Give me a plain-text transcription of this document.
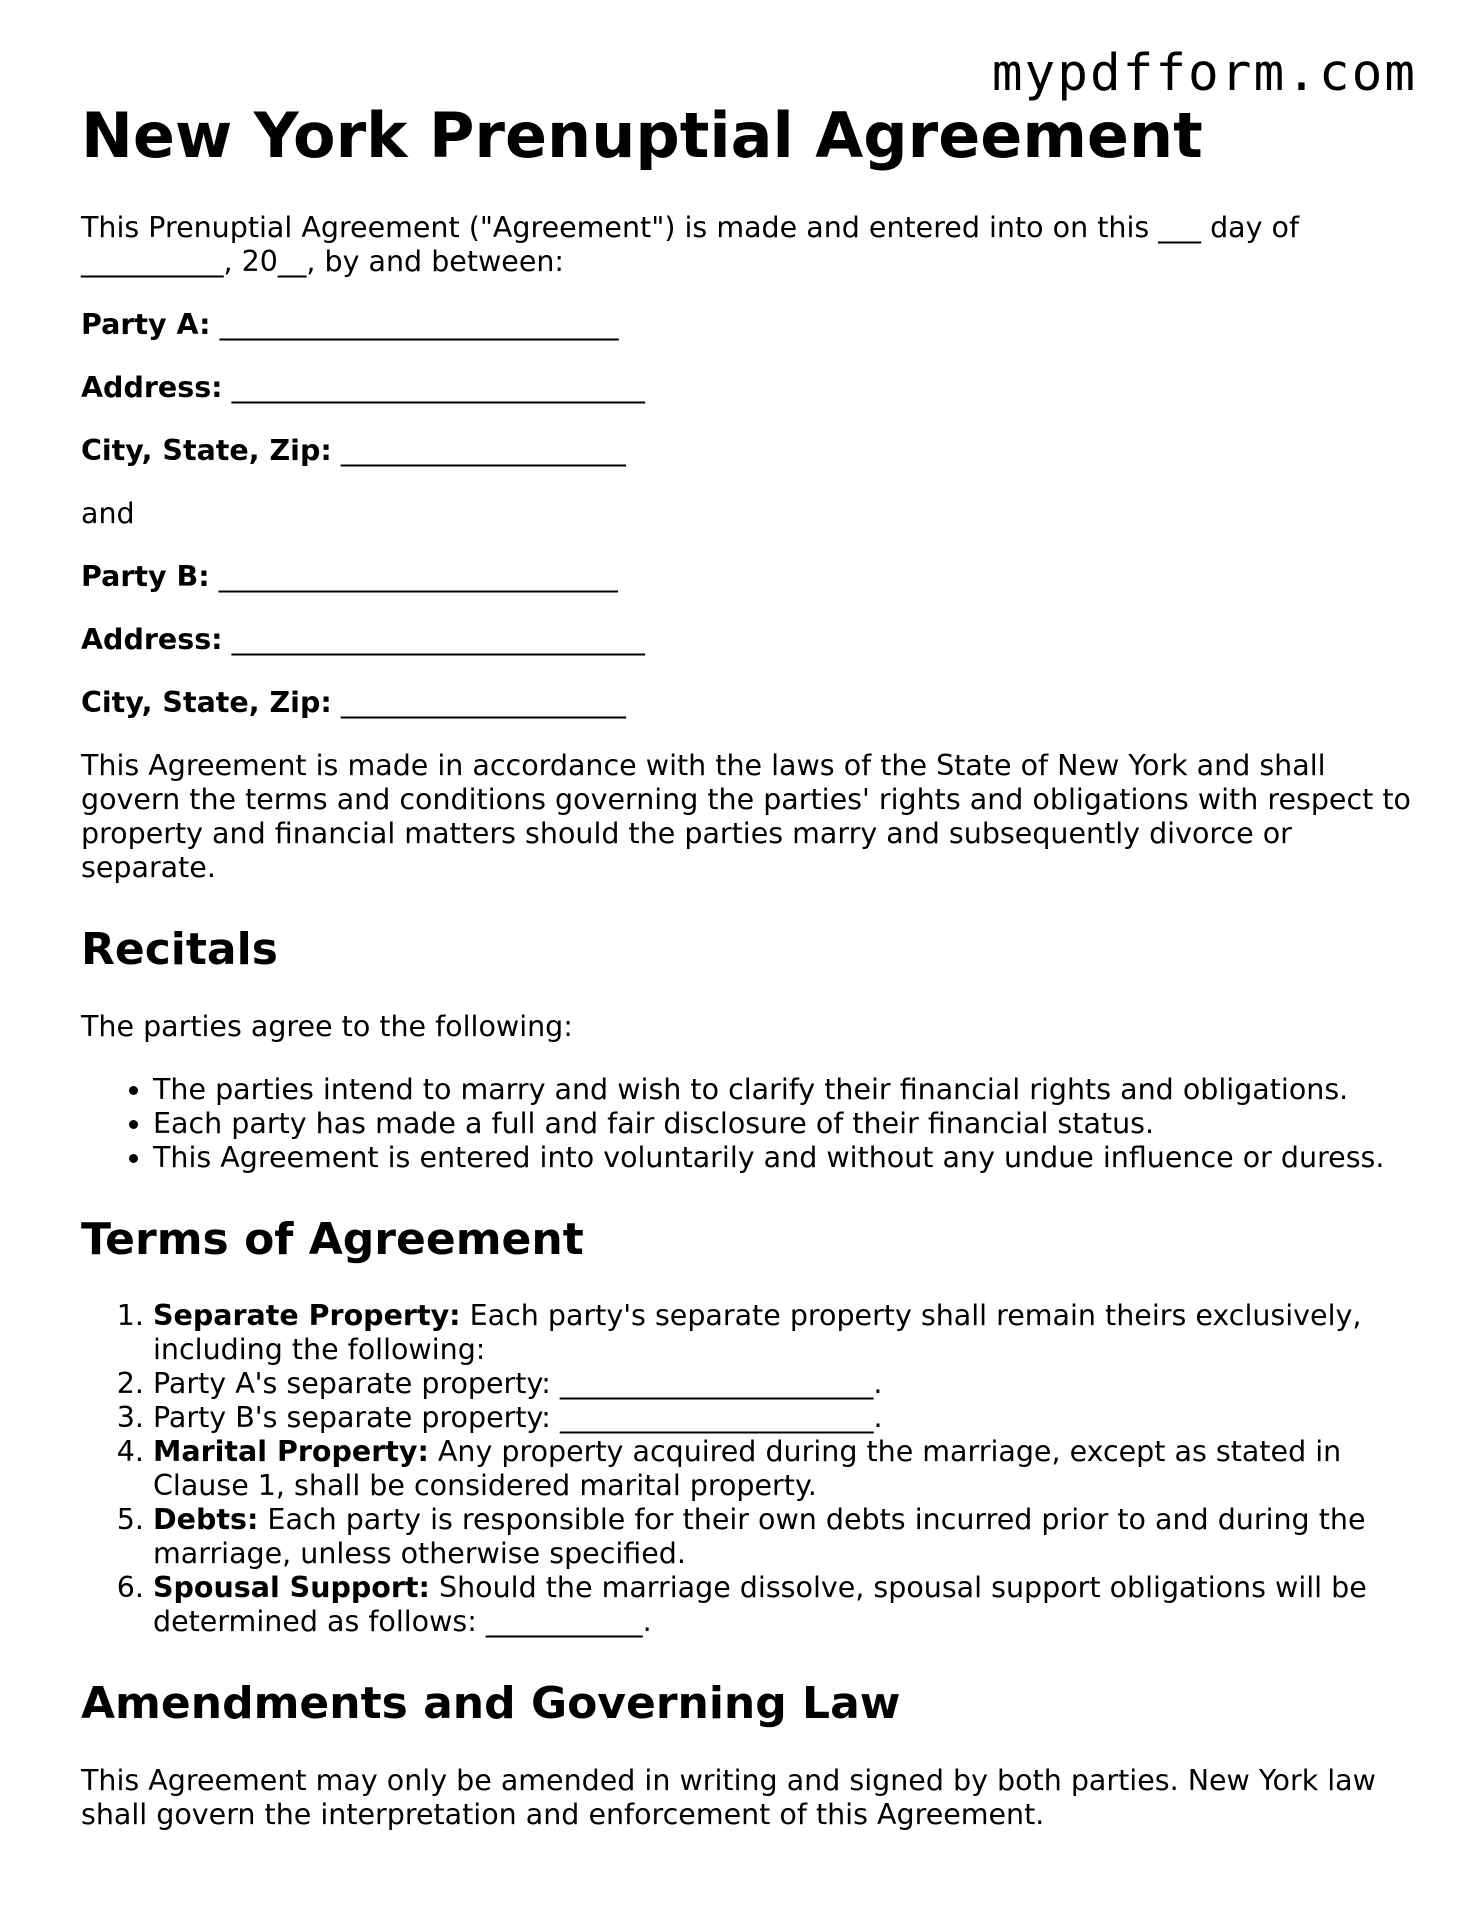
mypdfform.com
New York Prenuptial Agreement

This Prenuptial Agreement ("Agreement") is made and entered into on this ___ day of __________, 20__, by and between:

Party A: ____________________________

Address: _____________________________

City, State, Zip: ____________________

and

Party B: ____________________________

Address: _____________________________

City, State, Zip: ____________________

This Agreement is made in accordance with the laws of the State of New York and shall govern the terms and conditions governing the parties' rights and obligations with respect to property and financial matters should the parties marry and subsequently divorce or separate.

Recitals

The parties agree to the following:

• The parties intend to marry and wish to clarify their financial rights and obligations.
• Each party has made a full and fair disclosure of their financial status.
• This Agreement is entered into voluntarily and without any undue influence or duress.
Terms of Agreement
1. Separate Property: Each party's separate property shall remain theirs exclusively, including the following:
2. Party A's separate property: ______________________.
3. Party B's separate property: ______________________.
4. Marital Property: Any property acquired during the marriage, except as stated in Clause 1, shall be considered marital property.
5. Debts: Each party is responsible for their own debts incurred prior to and during the marriage, unless otherwise specified.
6. Spousal Support: Should the marriage dissolve, spousal support obligations will be determined as follows: ___________.
Amendments and Governing Law

This Agreement may only be amended in writing and signed by both parties. New York law shall govern the interpretation and enforcement of this Agreement.
